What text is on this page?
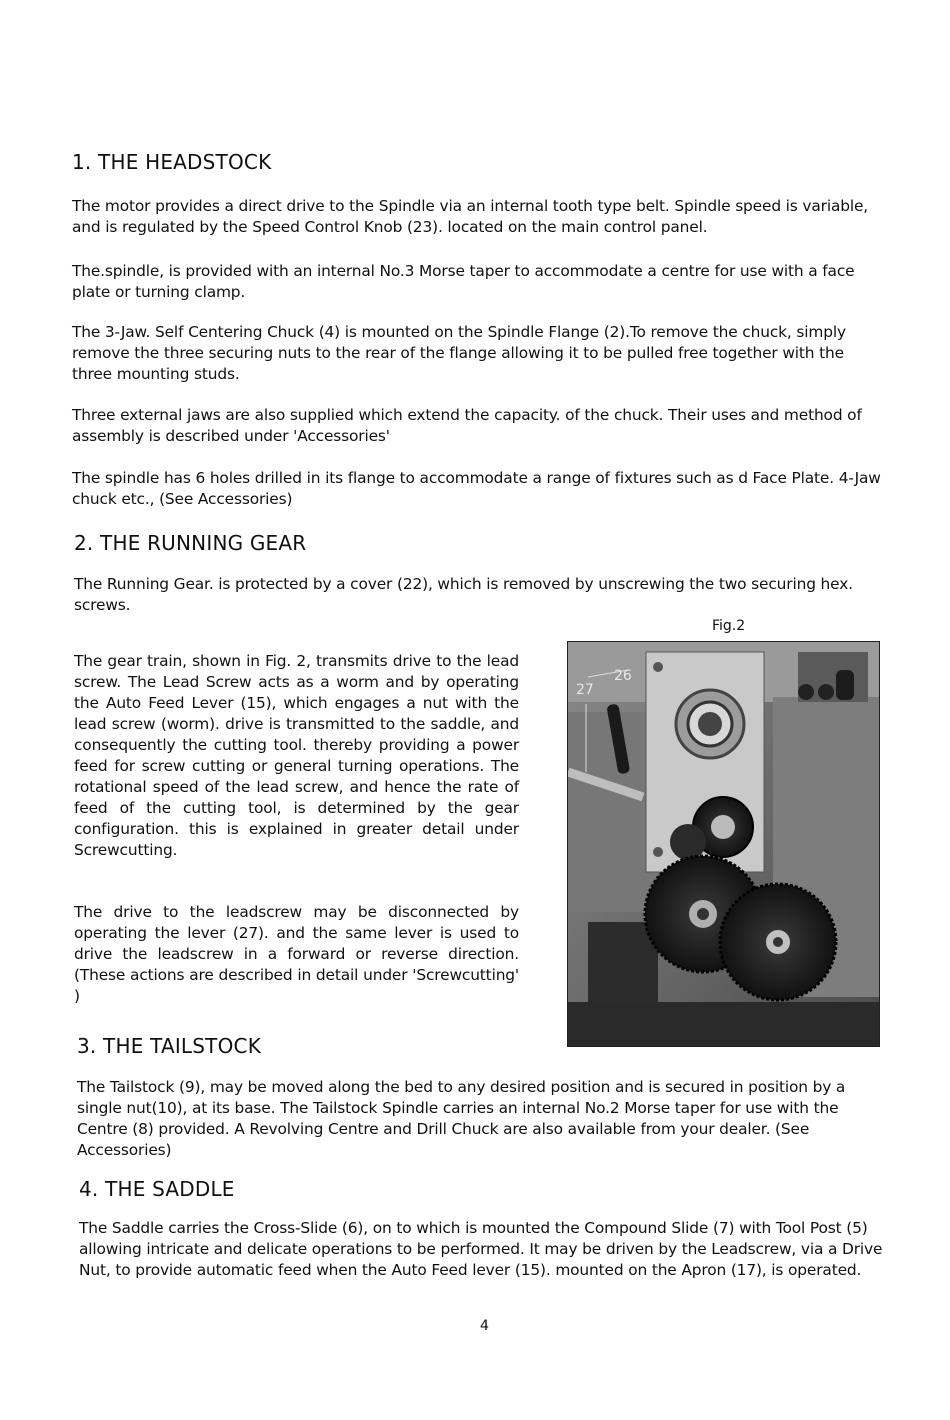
1. THE HEADSTOCK

The motor provides a direct drive to the Spindle via an internal tooth type belt. Spindle speed is variable, and is regulated by the Speed Control Knob (23). located on the main control panel.

The.spindle, is provided with an internal No.3 Morse taper to accommodate a centre for use with a face plate or turning clamp.

The 3-Jaw. Self Centering Chuck (4) is mounted on the Spindle Flange (2).To remove the chuck, simply remove the three securing nuts to the rear of the flange allowing it to be pulled free together with the three mounting studs.

Three external jaws are also supplied which extend the capacity. of the chuck. Their uses and method of assembly is described under 'Accessories'

The spindle has 6 holes drilled in its flange to accommodate a range of fixtures such as d Face Plate. 4-Jaw chuck etc., (See Accessories)

2. THE RUNNING GEAR

The Running Gear. is protected by a cover (22), which is removed by unscrewing the two securing hex. screws.

The gear train, shown in Fig. 2, transmits drive to the lead screw. The Lead Screw acts as a worm and by operating the Auto Feed Lever (15), which engages a nut with the lead screw (worm). drive is transmitted to the saddle, and consequently the cutting tool. thereby providing a power feed for screw cutting or general turning operations. The rotational speed of the lead screw, and hence the rate of feed of the cutting tool, is determined by the gear configuration. this is explained in greater detail under Screwcutting.

The drive to the leadscrew may be disconnected by operating the lever (27). and the same lever is used to drive the leadscrew in a forward or reverse direction. (These actions are described in detail under 'Screwcutting' )

Fig.2
27
26
3. THE TAILSTOCK

The Tailstock (9), may be moved along the bed to any desired position and is secured in position by a single nut(10), at its base. The Tailstock Spindle carries an internal No.2 Morse taper for use with the Centre (8) provided. A Revolving Centre and Drill Chuck are also available from your dealer. (See Accessories)

4. THE SADDLE

The Saddle carries the Cross-Slide (6), on to which is mounted the Compound Slide (7) with Tool Post (5) allowing intricate and delicate operations to be performed. It may be driven by the Leadscrew, via a Drive Nut, to provide automatic feed when the Auto Feed lever (15). mounted on the Apron (17), is operated.

4
